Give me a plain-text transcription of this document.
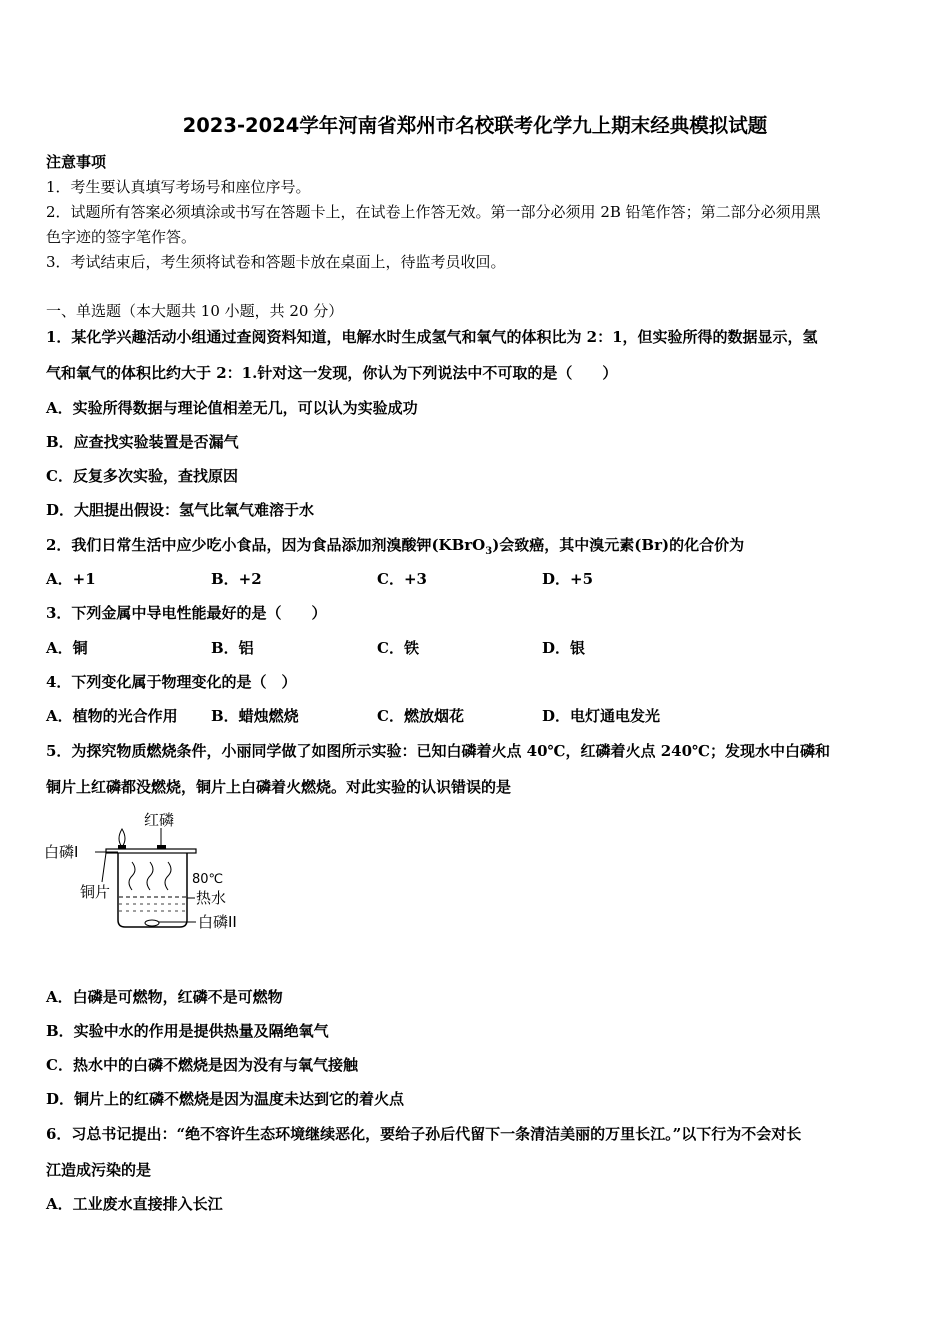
2023-2024学年河南省郑州市名校联考化学九上期末经典模拟试题
注意事项
1．考生要认真填写考场号和座位序号。
2．试题所有答案必须填涂或书写在答题卡上，在试卷上作答无效。第一部分必须用 2B 铅笔作答；第二部分必须用黑
色字迹的签字笔作答。
3．考试结束后，考生须将试卷和答题卡放在桌面上，待监考员收回。
一、单选题（本大题共 10 小题，共 20 分）
1．某化学兴趣活动小组通过查阅资料知道，电解水时生成氢气和氧气的体积比为 2：1，但实验所得的数据显示，氢
气和氧气的体积比约大于 2：1.针对这一发现，你认为下列说法中不可取的是（　　）
A．实验所得数据与理论值相差无几，可以认为实验成功
B．应查找实验装置是否漏气
C．反复多次实验，查找原因
D．大胆提出假设：氢气比氧气难溶于水
2．我们日常生活中应少吃小食品，因为食品添加剂溴酸钾(KBrO$_3$)会致癌，其中溴元素(Br)的化合价为
A．+1	B．+2	C．+3	D．+5
3．下列金属中导电性能最好的是（　　）
A．铜	B．铝	C．铁	D．银
4．下列变化属于物理变化的是（　）
A．植物的光合作用 B．蜡烛燃烧	C．燃放烟花	D．电灯通电发光
5．为探究物质燃烧条件，小丽同学做了如图所示实验：已知白磷着火点 40℃，红磷着火点 240℃；发现水中白磷和
铜片上红磷都没燃烧，铜片上白磷着火燃烧。对此实验的认识错误的是
红磷
白磷Ⅰ
80℃
铜片	热水
白磷II
A．白磷是可燃物，红磷不是可燃物
B．实验中水的作用是提供热量及隔绝氧气
C．热水中的白磷不燃烧是因为没有与氧气接触
D．铜片上的红磷不燃烧是因为温度未达到它的着火点
6．习总书记提出：“绝不容许生态环境继续恶化，要给子孙后代留下一条清洁美丽的万里长江。”以下行为不会对长
江造成污染的是
A．工业废水直接排入长江
